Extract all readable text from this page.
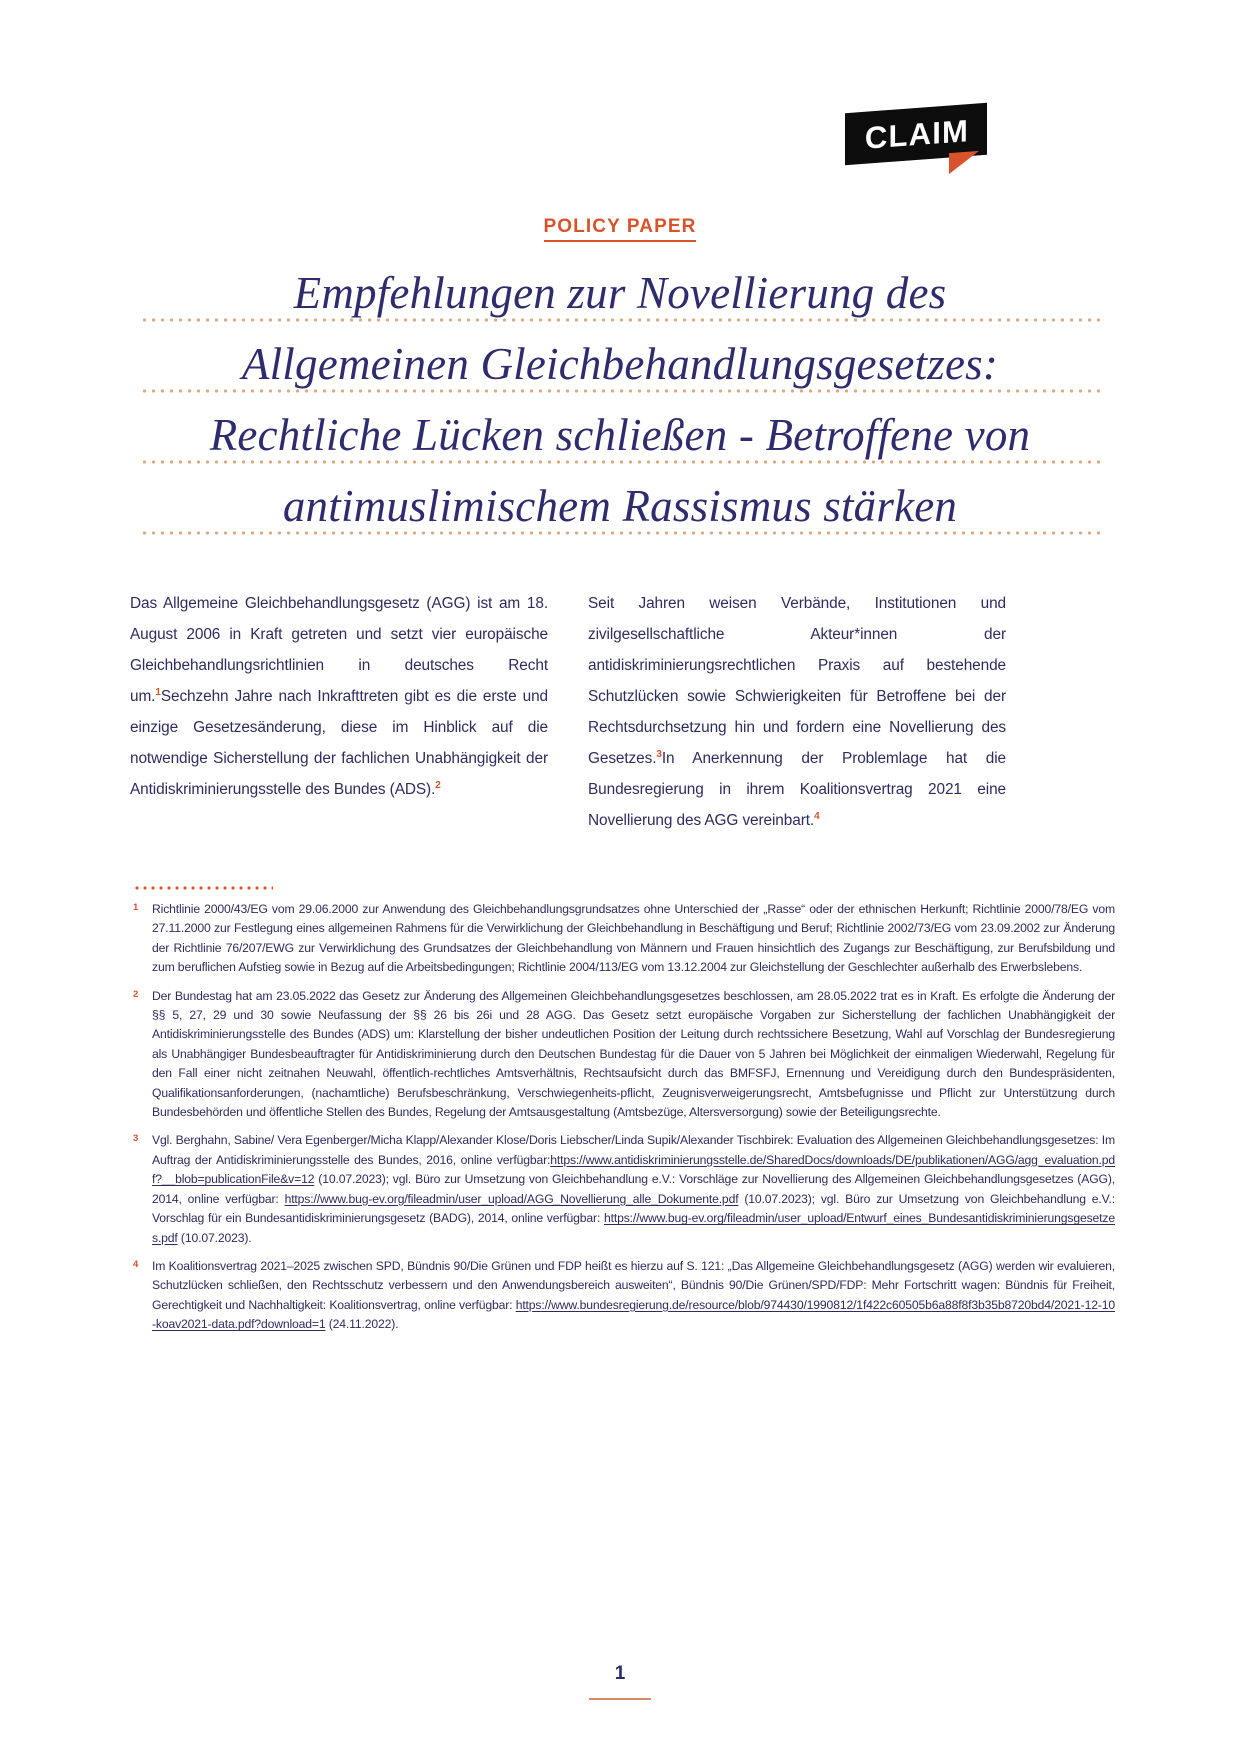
CLAIM
POLICY PAPER
Empfehlungen zur Novellierung des
Allgemeinen Gleichbehandlungsgesetzes:
Rechtliche Lücken schließen - Betroffene von
antimuslimischem Rassismus stärken

Das Allgemeine Gleichbehandlungsgesetz (AGG) ist am 18. August 2006 in Kraft getreten und setzt vier europäische Gleichbehandlungsrichtlinien in deutsches Recht um.$^1$Sechzehn Jahre nach Inkrafttreten gibt es die erste und einzige Gesetzesänderung, diese im Hinblick auf die notwendige Sicherstellung der fachlichen Unabhängigkeit der Antidiskriminierungsstelle des Bundes (ADS).$^2$

Seit Jahren weisen Verbände, Institutionen und zivilgesellschaftliche Akteur*innen der antidiskriminierungsrechtlichen Praxis auf bestehende Schutzlücken sowie Schwierigkeiten für Betroffene bei der Rechtsdurchsetzung hin und fordern eine Novellierung des Gesetzes.$^3$In Anerkennung der Problemlage hat die Bundesregierung in ihrem Koalitionsvertrag 2021 eine Novellierung des AGG vereinbart.$^4$

1	Richtlinie 2000/43/EG vom 29.06.2000 zur Anwendung des Gleichbehandlungsgrundsatzes ohne Unterschied der „Rasse“ oder der ethnischen Herkunft; Richtlinie 2000/78/EG vom 27.11.2000 zur Festlegung eines allgemeinen Rahmens für die Verwirklichung der Gleichbehandlung in Beschäftigung und Beruf; Richtlinie 2002/73/EG vom 23.09.2002 zur Änderung der Richtlinie 76/207/EWG zur Verwirklichung des Grundsatzes der Gleichbehandlung von Männern und Frauen hinsichtlich des Zugangs zur Beschäftigung, zur Berufsbildung und zum beruflichen Aufstieg sowie in Bezug auf die Arbeitsbedingungen; Richtlinie 2004/113/EG vom 13.12.2004 zur Gleichstellung der Geschlechter außerhalb des Erwerbslebens.
2	Der Bundestag hat am 23.05.2022 das Gesetz zur Änderung des Allgemeinen Gleichbehandlungsgesetzes beschlossen, am 28.05.2022 trat es in Kraft. Es erfolgte die Änderung der §§ 5, 27, 29 und 30 sowie Neufassung der §§ 26 bis 26i und 28 AGG. Das Gesetz setzt europäische Vorgaben zur Sicherstellung der fachlichen Unabhängigkeit der Antidiskriminierungsstelle des Bundes (ADS) um: Klarstellung der bisher undeutlichen Position der Leitung durch rechtssichere Besetzung, Wahl auf Vorschlag der Bundesregierung als Unabhängiger Bundesbeauftragter für Antidiskriminierung durch den Deutschen Bundestag für die Dauer von 5 Jahren bei Möglichkeit der einmaligen Wiederwahl, Regelung für den Fall einer nicht zeitnahen Neuwahl, öffentlich-rechtliches Amtsverhältnis, Rechtsaufsicht durch das BMFSFJ, Ernennung und Vereidigung durch den Bundespräsidenten, Qualifikationsanforderungen, (nachamtliche) Berufsbeschränkung, Verschwiegenheits-pflicht, Zeugnisverweigerungsrecht, Amtsbefugnisse und Pflicht zur Unterstützung durch Bundesbehörden und öffentliche Stellen des Bundes, Regelung der Amtsausgestaltung (Amtsbezüge, Altersversorgung) sowie der Beteiligungsrechte.
3	Vgl. Berghahn, Sabine/ Vera Egenberger/Micha Klapp/Alexander Klose/Doris Liebscher/Linda Supik/Alexander Tischbirek: Evaluation des Allgemeinen Gleichbehandlungsgesetzes: Im Auftrag der Antidiskriminierungsstelle des Bundes, 2016, online verfügbar:https://www.antidiskriminierungsstelle.de/SharedDocs/downloads/DE/publikationen/AGG/agg_evaluation.pdf?__blob=publicationFile&v=12 (10.07.2023); vgl. Büro zur Umsetzung von Gleichbehandlung e.V.: Vorschläge zur Novellierung des Allgemeinen Gleichbehandlungsgesetzes (AGG), 2014, online verfügbar: https://www.bug-ev.org/fileadmin/user_upload/AGG_Novellierung_alle_Dokumente.pdf (10.07.2023); vgl. Büro zur Umsetzung von Gleichbehandlung e.V.: Vorschlag für ein Bundesantidiskriminierungsgesetz (BADG), 2014, online verfügbar: https://www.bug-ev.org/fileadmin/user_upload/Entwurf_eines_Bundesantidiskriminierungsgesetzes.pdf (10.07.2023).
4	Im Koalitionsvertrag 2021–2025 zwischen SPD, Bündnis 90/Die Grünen und FDP heißt es hierzu auf S. 121: „Das Allgemeine Gleichbehandlungsgesetz (AGG) werden wir evaluieren, Schutzlücken schließen, den Rechtsschutz verbessern und den Anwendungsbereich ausweiten“, Bündnis 90/Die Grünen/SPD/FDP: Mehr Fortschritt wagen: Bündnis für Freiheit, Gerechtigkeit und Nachhaltigkeit: Koalitionsvertrag, online verfügbar: https://www.bundesregierung.de/resource/blob/974430/1990812/1f422c60505b6a88f8f3b35b8720bd4/2021-12-10-koav2021-data.pdf?download=1 (24.11.2022).
1
